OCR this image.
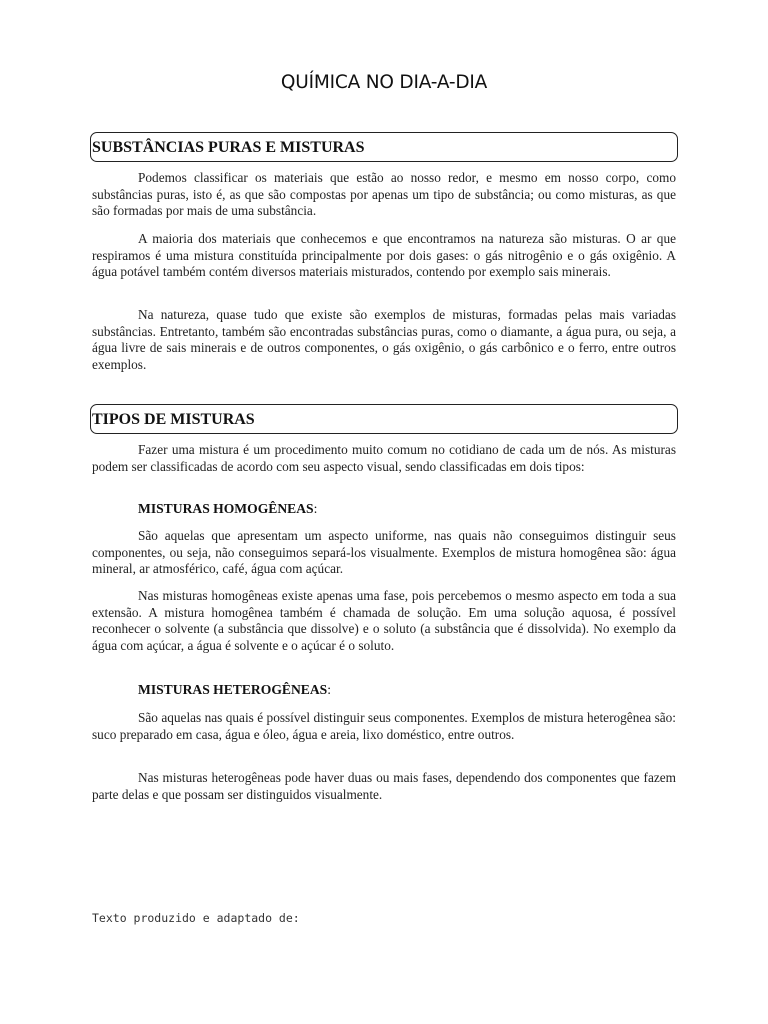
QUÍMICA NO DIA-A-DIA
SUBSTÂNCIAS PURAS E MISTURAS

Podemos classificar os materiais que estão ao nosso redor, e mesmo em nosso corpo, como substâncias puras, isto é, as que são compostas por apenas um tipo de substância; ou como misturas, as que são formadas por mais de uma substância.

A maioria dos materiais que conhecemos e que encontramos na natureza são misturas. O ar que respiramos é uma mistura constituída principalmente por dois gases: o gás nitrogênio e o gás oxigênio. A água potável também contém diversos materiais misturados, contendo por exemplo sais minerais.

Na natureza, quase tudo que existe são exemplos de misturas, formadas pelas mais variadas substâncias. Entretanto, também são encontradas substâncias puras, como o diamante, a água pura, ou seja, a água livre de sais minerais e de outros componentes, o gás oxigênio, o gás carbônico e o ferro, entre outros exemplos.

TIPOS DE MISTURAS

Fazer uma mistura é um procedimento muito comum no cotidiano de cada um de nós. As misturas podem ser classificadas de acordo com seu aspecto visual, sendo classificadas em dois tipos:

MISTURAS HOMOGÊNEAS:

São aquelas que apresentam um aspecto uniforme, nas quais não conseguimos distinguir seus componentes, ou seja, não conseguimos separá-los visualmente. Exemplos de mistura homogênea são: água mineral, ar atmosférico, café, água com açúcar.

Nas misturas homogêneas existe apenas uma fase, pois percebemos o mesmo aspecto em toda a sua extensão. A mistura homogênea também é chamada de solução. Em uma solução aquosa, é possível reconhecer o solvente (a substância que dissolve) e o soluto (a substância que é dissolvida). No exemplo da água com açúcar, a água é solvente e o açúcar é o soluto.

MISTURAS HETEROGÊNEAS:

São aquelas nas quais é possível distinguir seus componentes. Exemplos de mistura heterogênea são: suco preparado em casa, água e óleo, água e areia, lixo doméstico, entre outros.

Nas misturas heterogêneas pode haver duas ou mais fases, dependendo dos componentes que fazem parte delas e que possam ser distinguidos visualmente.

Texto produzido e adaptado de:
